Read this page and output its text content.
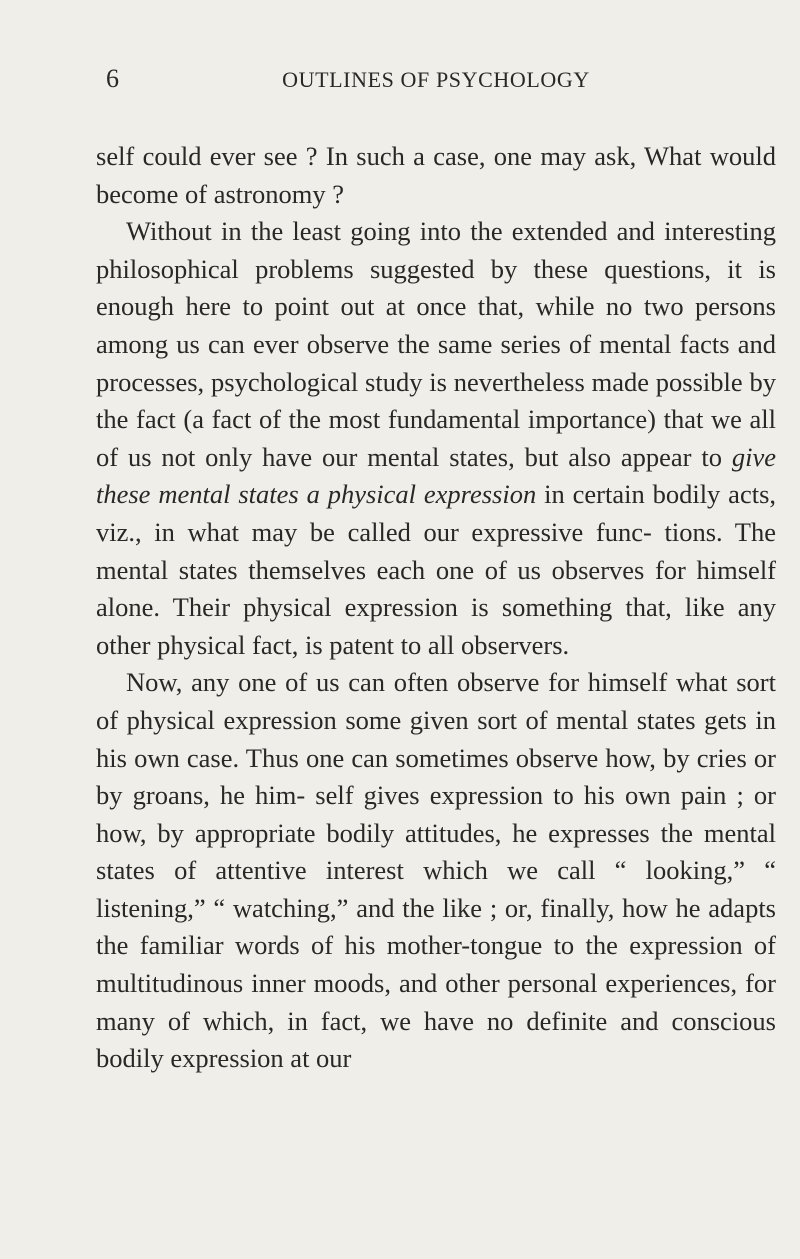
6	OUTLINES OF PSYCHOLOGY

self could ever see ? In such a case, one may ask, What would become of astronomy ?

Without in the least going into the extended and interesting philosophical problems suggested by these questions, it is enough here to point out at once that, while no two persons among us can ever observe the same series of mental facts and processes, psychological study is nevertheless made possible by the fact (a fact of the most fundamental importance) that we all of us not only have our mental states, but also appear to give these mental states a physical expression in certain bodily acts, viz., in what may be called our expressive func- tions. The mental states themselves each one of us observes for himself alone. Their physical expression is something that, like any other physical fact, is patent to all observers.

Now, any one of us can often observe for himself what sort of physical expression some given sort of mental states gets in his own case. Thus one can sometimes observe how, by cries or by groans, he him- self gives expression to his own pain ; or how, by appropriate bodily attitudes, he expresses the mental states of attentive interest which we call “ looking,” “ listening,” “ watching,” and the like ; or, finally, how he adapts the familiar words of his mother-tongue to the expression of multitudinous inner moods, and other personal experiences, for many of which, in fact, we have no definite and conscious bodily expression at our
